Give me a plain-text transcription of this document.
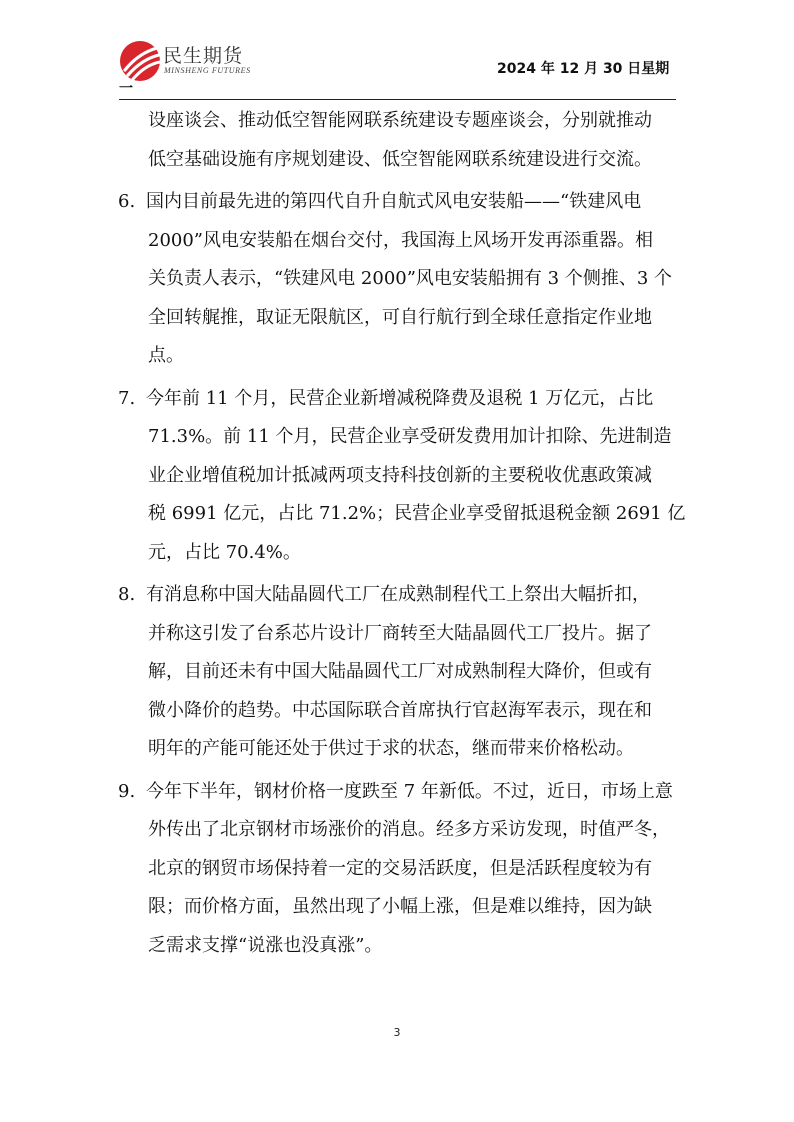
民生期货
MINSHENG FUTURES	2024 年 12 月 30 日星期
一
设座谈会、推动低空智能网联系统建设专题座谈会，分别就推动
低空基础设施有序规划建设、低空智能网联系统建设进行交流。
6. 国内目前最先进的第四代自升自航式风电安装船——“铁建风电
2000”风电安装船在烟台交付，我国海上风场开发再添重器。相
关负责人表示，“铁建风电 2000”风电安装船拥有 3 个侧推、3 个
全回转艉推，取证无限航区，可自行航行到全球任意指定作业地
点。
7. 今年前 11 个月，民营企业新增减税降费及退税 1 万亿元，占比
71.3%。前 11 个月，民营企业享受研发费用加计扣除、先进制造
业企业增值税加计抵减两项支持科技创新的主要税收优惠政策减
税 6991 亿元，占比 71.2%；民营企业享受留抵退税金额 2691 亿
元，占比 70.4%。
8. 有消息称中国大陆晶圆代工厂在成熟制程代工上祭出大幅折扣，
并称这引发了台系芯片设计厂商转至大陆晶圆代工厂投片。据了
解，目前还未有中国大陆晶圆代工厂对成熟制程大降价，但或有
微小降价的趋势。中芯国际联合首席执行官赵海军表示，现在和
明年的产能可能还处于供过于求的状态，继而带来价格松动。
9. 今年下半年，钢材价格一度跌至 7 年新低。不过，近日，市场上意
外传出了北京钢材市场涨价的消息。经多方采访发现，时值严冬，
北京的钢贸市场保持着一定的交易活跃度，但是活跃程度较为有
限；而价格方面，虽然出现了小幅上涨，但是难以维持，因为缺
乏需求支撑“说涨也没真涨”。
3
